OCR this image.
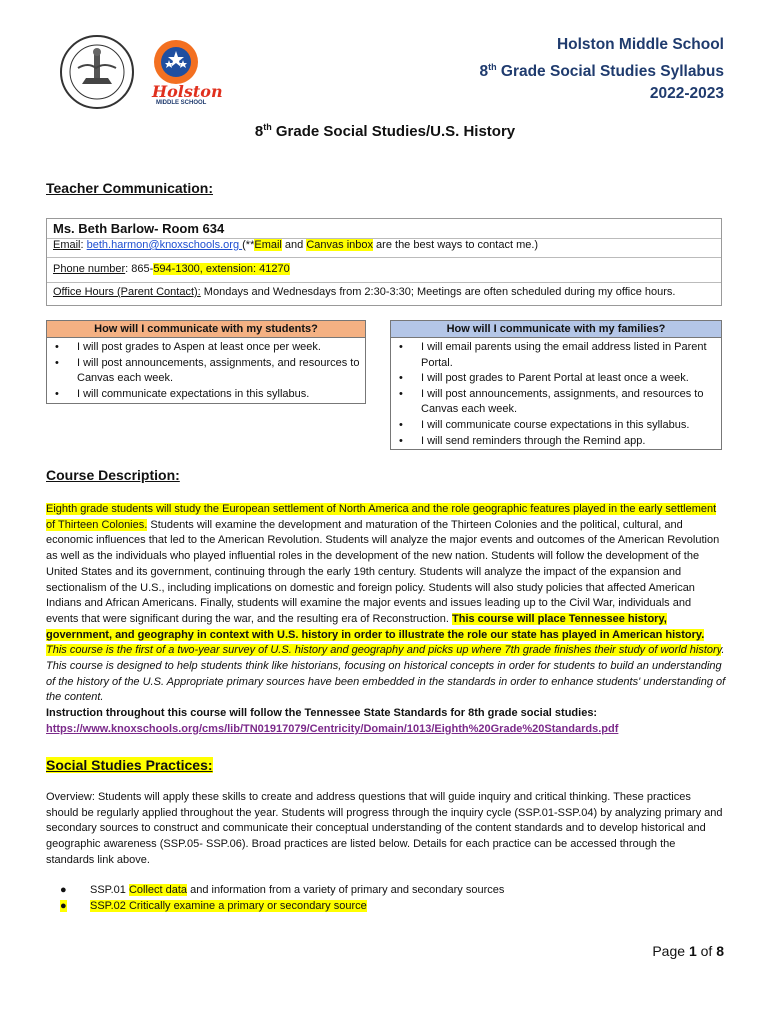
Holston
MIDDLE SCHOOL
Holston Middle School
8th Grade Social Studies Syllabus
2022-2023
8th Grade Social Studies/U.S. History
Teacher Communication:
Ms. Beth Barlow- Room 634
Email: beth.harmon@knoxschools.org (**Email and Canvas inbox are the best ways to contact me.)
Phone number: 865-594-1300, extension: 41270
Office Hours (Parent Contact): Mondays and Wednesdays from 2:30-3:30; Meetings are often scheduled during my office hours.
How will I communicate with my students?
• I will post grades to Aspen at least once per week.
• I will post announcements, assignments, and resources to Canvas each week.
• I will communicate expectations in this syllabus.
How will I communicate with my families?
• I will email parents using the email address listed in Parent Portal.
• I will post grades to Parent Portal at least once a week.
• I will post announcements, assignments, and resources to Canvas each week.
• I will communicate course expectations in this syllabus.
• I will send reminders through the Remind app.
Course Description:
Eighth grade students will study the European settlement of North America and the role geographic features played in the early settlement of Thirteen Colonies. Students will examine the development and maturation of the Thirteen Colonies and the political, cultural, and economic influences that led to the American Revolution. Students will analyze the major events and outcomes of the American Revolution as well as the individuals who played influential roles in the development of the new nation. Students will follow the development of the United States and its government, continuing through the early 19th century. Students will analyze the impact of the expansion and sectionalism of the U.S., including implications on domestic and foreign policy. Students will also study policies that affected American Indians and African Americans. Finally, students will examine the major events and issues leading up to the Civil War, individuals and events that were significant during the war, and the resulting era of Reconstruction. This course will place Tennessee history, government, and geography in context with U.S. history in order to illustrate the role our state has played in American history. This course is the first of a two-year survey of U.S. history and geography and picks up where 7th grade finishes their study of world history. This course is designed to help students think like historians, focusing on historical concepts in order for students to build an understanding of the history of the U.S. Appropriate primary sources have been embedded in the standards in order to enhance students' understanding of the content.
Instruction throughout this course will follow the Tennessee State Standards for 8th grade social studies:
https://www.knoxschools.org/cms/lib/TN01917079/Centricity/Domain/1013/Eighth%20Grade%20Standards.pdf
Social Studies Practices:
Overview: Students will apply these skills to create and address questions that will guide inquiry and critical thinking. These practices should be regularly applied throughout the year. Students will progress through the inquiry cycle (SSP.01-SSP.04) by analyzing primary and secondary sources to construct and communicate their conceptual understanding of the content standards and to develop historical and geographic awareness (SSP.05- SSP.06). Broad practices are listed below. Details for each practice can be accessed through the standards link above.
● SSP.01 Collect data and information from a variety of primary and secondary sources
● SSP.02 Critically examine a primary or secondary source
Page 1 of 8
